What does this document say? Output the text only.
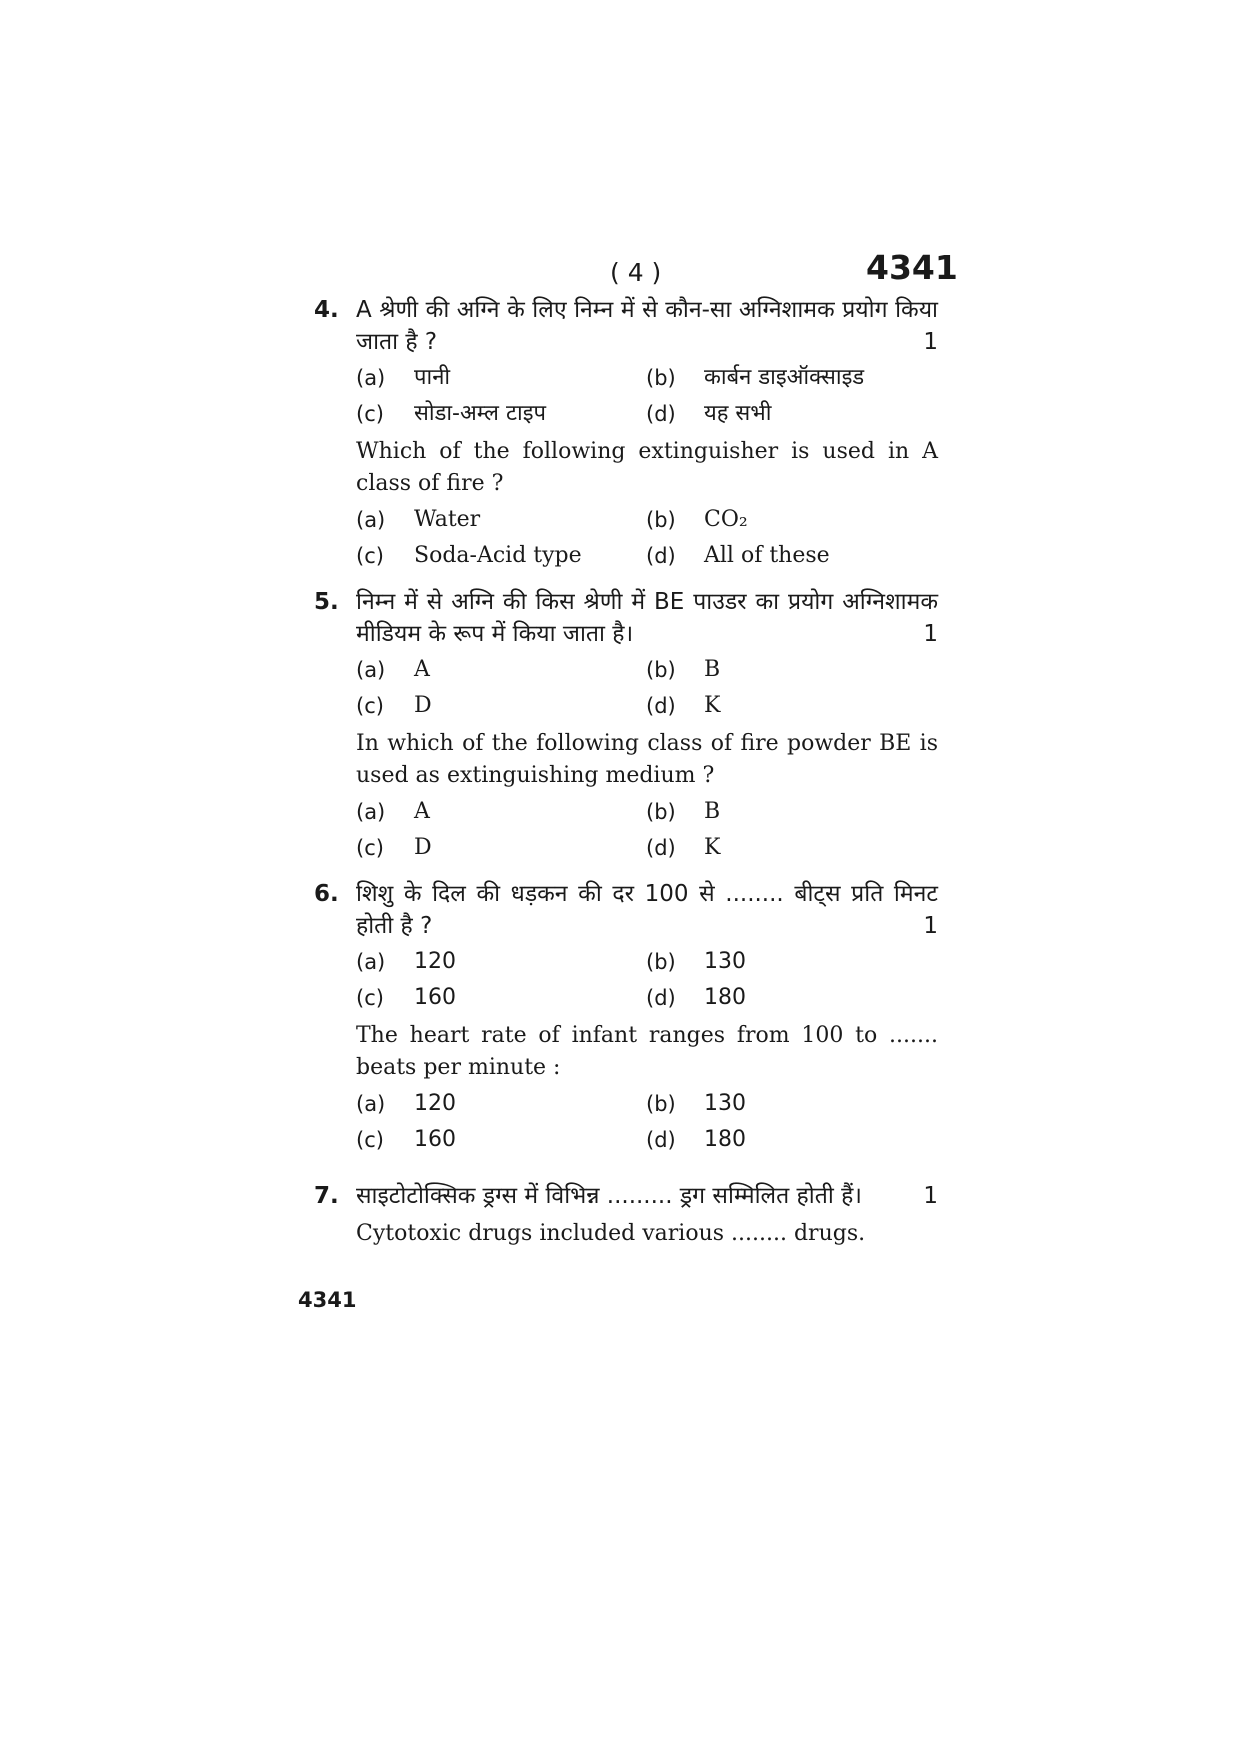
( 4 )	4341
4. A श्रेणी की अग्नि के लिए निम्न में से कौन-सा अग्निशामक प्रयोग किया जाता है ?	1
(a)	पानी	(b)	कार्बन डाइऑक्साइड
(c)	सोडा-अम्ल टाइप	(d)	यह सभी
Which of the following extinguisher is used in A class of fire ?
(a)	Water	(b)	CO₂
(c)	Soda-Acid type	(d)	All of these
5. निम्न में से अग्नि की किस श्रेणी में BE पाउडर का प्रयोग अग्निशामक मीडियम के रूप में किया जाता है।	1
(a)	A	(b)	B
(c)	D	(d)	K
In which of the following class of fire powder BE is used as extinguishing medium ?
(a)	A	(b)	B
(c)	D	(d)	K
6. शिशु के दिल की धड़कन की दर 100 से ........ बीट्स प्रति मिनट होती है ?	1
(a)	120	(b)	130
(c)	160	(d)	180
The heart rate of infant ranges from 100 to ....... beats per minute :
(a)	120	(b)	130
(c)	160	(d)	180
7. साइटोटोक्सिक ड्रग्स में विभिन्न ......... ड्रग सम्मिलित होती हैं।	1
Cytotoxic drugs included various ........ drugs.
4341
